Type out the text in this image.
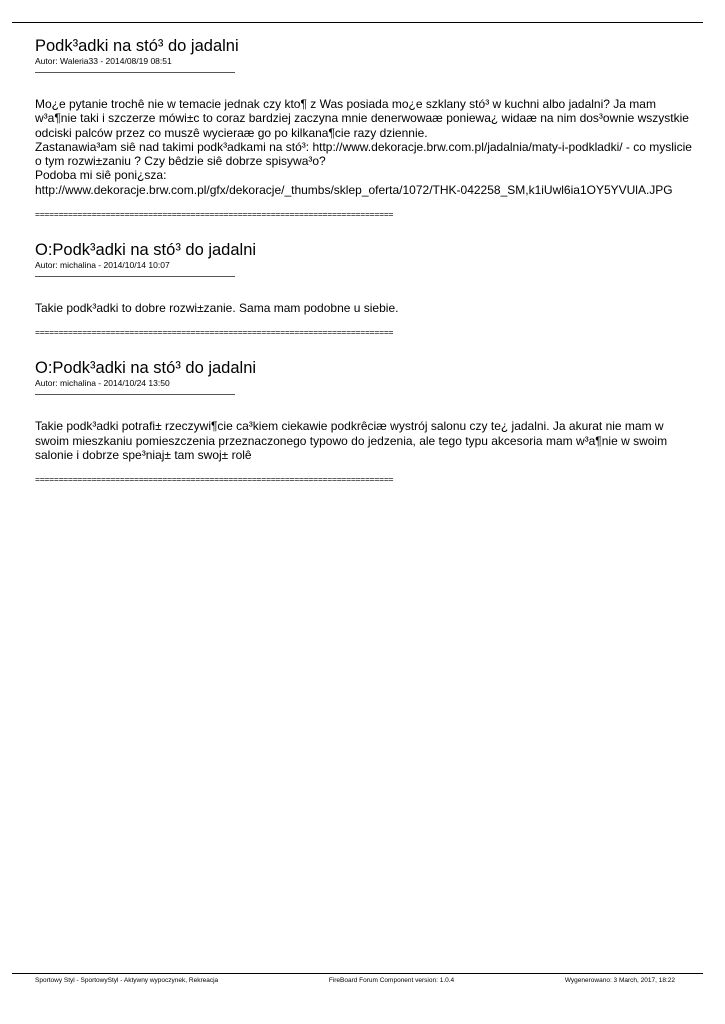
Podk³adki na stó³ do jadalni
Autor: Waleria33 - 2014/08/19 08:51
Mo¿e pytanie trochê nie w temacie jednak czy kto¶ z Was posiada mo¿e szklany stó³ w kuchni albo jadalni? Ja mam w³a¶nie taki i szczerze mówi±c to coraz bardziej zaczyna mnie denerwowaæ poniewa¿ widaæ na nim dos³ownie wszystkie odciski palców przez co muszê wycieraæ go po kilkana¶cie razy dziennie.
Zastanawia³am siê nad takimi podk³adkami na stó³: http://www.dekoracje.brw.com.pl/jadalnia/maty-i-podkladki/ - co myslicie o tym rozwi±zaniu ? Czy bêdzie siê dobrze spisywa³o?
Podoba mi siê poni¿sza:
http://www.dekoracje.brw.com.pl/gfx/dekoracje/_thumbs/sklep_oferta/1072/THK-042258_SM,k1iUwl6ia1OY5YVUlA.JPG
============================================================================
O:Podk³adki na stó³ do jadalni
Autor: michalina - 2014/10/14 10:07
Takie podk³adki to dobre rozwi±zanie. Sama mam podobne u siebie.
============================================================================
O:Podk³adki na stó³ do jadalni
Autor: michalina - 2014/10/24 13:50
Takie podk³adki potrafi± rzeczywi¶cie ca³kiem ciekawie podkrêciæ wystrój salonu czy te¿ jadalni. Ja akurat nie mam w swoim mieszkaniu pomieszczenia przeznaczonego typowo do jedzenia, ale tego typu akcesoria mam w³a¶nie w swoim salonie i dobrze spe³niaj± tam swoj± rolê
============================================================================
Sportowy Styl - SportowyStyl - Aktywny wypoczynek, Rekreacja	FireBoard Forum Component version: 1.0.4	Wygenerowano: 3 March, 2017, 18:22
